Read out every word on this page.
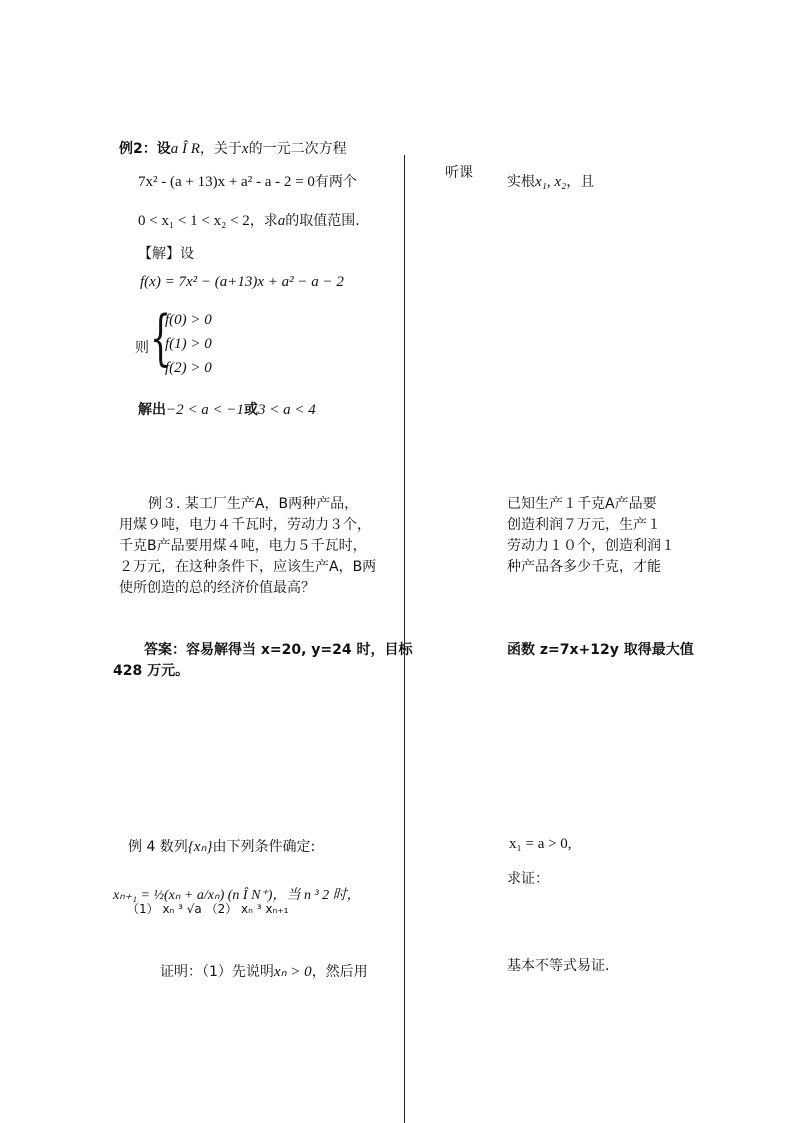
例2：设a Î R，关于x的一元二次方程
7x² - (a + 13)x + a² - a - 2 = 0有两个
0 < x₁ < 1 < x₂ < 2，求a的取值范围.
【解】设
f(x) = 7x² − (a+13)x + a² − a − 2
则 {
f(0) > 0
f(1) > 0
f(2) > 0
解出−2 < a < −1或3 < a < 4
例３. 某工厂生产A，B两种产品，
用煤９吨，电力４千瓦时，劳动力３个，
千克B产品要用煤４吨，电力５千瓦时，
２万元，在这种条件下，应该生产A，B两
使所创造的总的经济价值最高？
答案：容易解得当 x=20, y=24 时，目标
428 万元。
例 4 数列{xₙ}由下列条件确定:
xₙ₊₁ = ½(xₙ + a/xₙ) (n Î N⁺)，当 n ³ 2 时，
（1） xₙ ³ √a （2） xₙ ³ xₙ₊₁
证明：（1）先说明xₙ > 0，然后用
听课
实根x₁, x₂，且
已知生产１千克A产品要
创造利润７万元，生产１
劳动力１０个，创造利润１
种产品各多少千克，才能
函数 z=7x+12y 取得最大值
x₁ = a > 0,
求证：
基本不等式易证.
